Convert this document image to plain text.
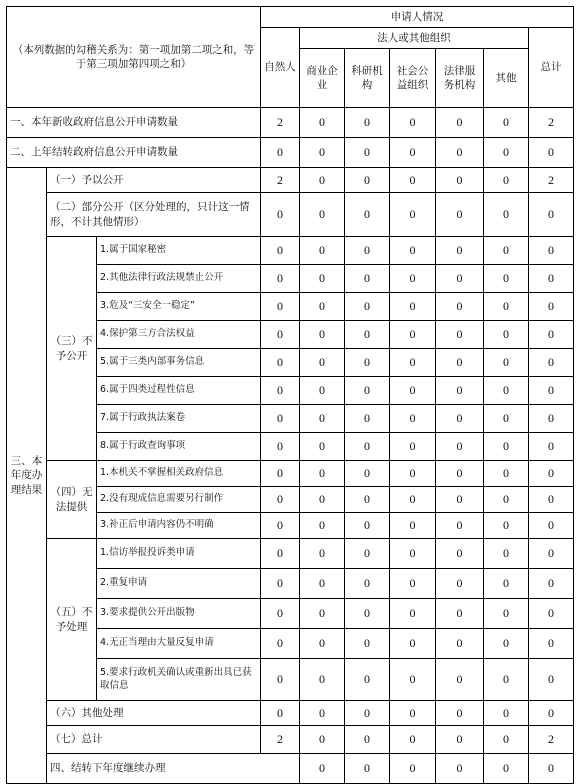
（本列数据的勾稽关系为：第一项加第二项之和，等于第三项加第四项之和）			申请人情况							
			自然人	法人或其他组织					总计	
				商业企业	科研机构	社会公益组织	法律服务机构	其他		
一、本年新收政府信息公开申请数量			2	0	0	0	0	0	2	
二、上年结转政府信息公开申请数量			0	0	0	0	0	0	0	
三、本年度办理结果	（一）予以公开		2	0	0	0	0	0	2	
	（二）部分公开（区分处理的，只计这一情形，不计其他情形）		0	0	0	0	0	0	0	
	（三）不予公开	1.属于国家秘密	0	0	0	0	0	0	0	
		2.其他法律行政法规禁止公开	0	0	0	0	0	0	0	
		3.危及“三安全一稳定”	0	0	0	0	0	0	0	
		4.保护第三方合法权益	0	0	0	0	0	0	0	
		5.属于三类内部事务信息	0	0	0	0	0	0	0	
		6.属于四类过程性信息	0	0	0	0	0	0	0	
		7.属于行政执法案卷	0	0	0	0	0	0	0	
		8.属于行政查询事项	0	0	0	0	0	0	0	
	（四）无法提供	1.本机关不掌握相关政府信息	0	0	0	0	0	0	0	
		2.没有现成信息需要另行制作	0	0	0	0	0	0	0	
		3.补正后申请内容仍不明确	0	0	0	0	0	0	0	
	（五）不予处理	1.信访举报投诉类申请	0	0	0	0	0	0	0	
		2.重复申请	0	0	0	0	0	0	0	
		3.要求提供公开出版物	0	0	0	0	0	0	0	
		4.无正当理由大量反复申请	0	0	0	0	0	0	0	
		5.要求行政机关确认或重新出具已获取信息	0	0	0	0	0	0	0	
	（六）其他处理		0	0	0	0	0	0	0	
	（七）总计		2	0	0	0	0	0	2	
	四、结转下年度继续办理			0	0	0	0	0	0	
